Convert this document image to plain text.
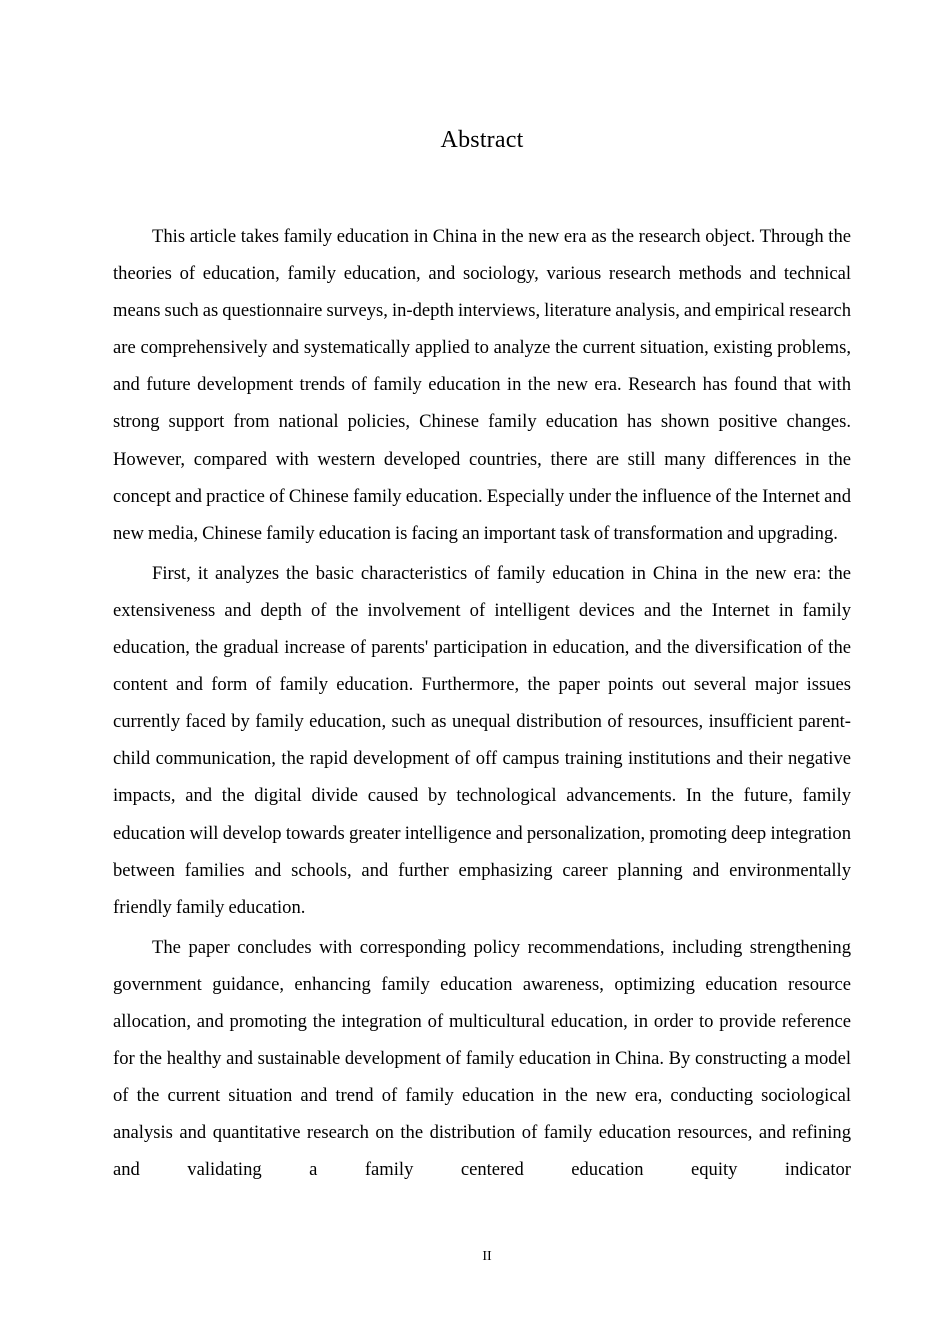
Abstract

This article takes family education in China in the new era as the research object. Through the theories of education, family education, and sociology, various research methods and technical means such as questionnaire surveys, in-depth interviews, literature analysis, and empirical research are comprehensively and systematically applied to analyze the current situation, existing problems, and future development trends of family education in the new era. Research has found that with strong support from national policies, Chinese family education has shown positive changes. However, compared with western developed countries, there are still many differences in the concept and practice of Chinese family education. Especially under the influence of the Internet and new media, Chinese family education is facing an important task of transformation and upgrading.

First, it analyzes the basic characteristics of family education in China in the new era: the extensiveness and depth of the involvement of intelligent devices and the Internet in family education, the gradual increase of parents' participation in education, and the diversification of the content and form of family education. Furthermore, the paper points out several major issues currently faced by family education, such as unequal distribution of resources, insufficient parent-child communication, the rapid development of off campus training institutions and their negative impacts, and the digital divide caused by technological advancements. In the future, family education will develop towards greater intelligence and personalization, promoting deep integration between families and schools, and further emphasizing career planning and environmentally friendly family education.

The paper concludes with corresponding policy recommendations, including strengthening government guidance, enhancing family education awareness, optimizing education resource allocation, and promoting the integration of multicultural education, in order to provide reference for the healthy and sustainable development of family education in China. By constructing a model of the current situation and trend of family education in the new era, conducting sociological analysis and quantitative research on the distribution of family education resources, and refining and validating a family centered education equity indicator

II
